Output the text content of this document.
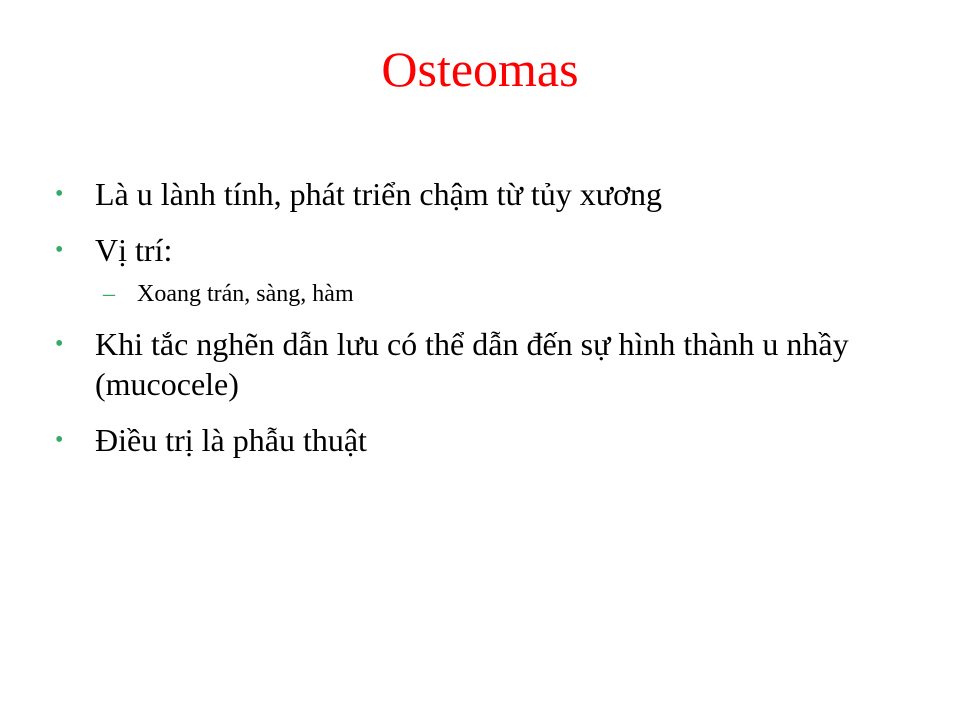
Osteomas
• Là u lành tính, phát triển chậm từ tủy xương
• Vị trí:
– Xoang trán, sàng, hàm
• Khi tắc nghẽn dẫn lưu có thể dẫn đến sự hình thành u nhầy (mucocele)
• Điều trị là phẫu thuật
